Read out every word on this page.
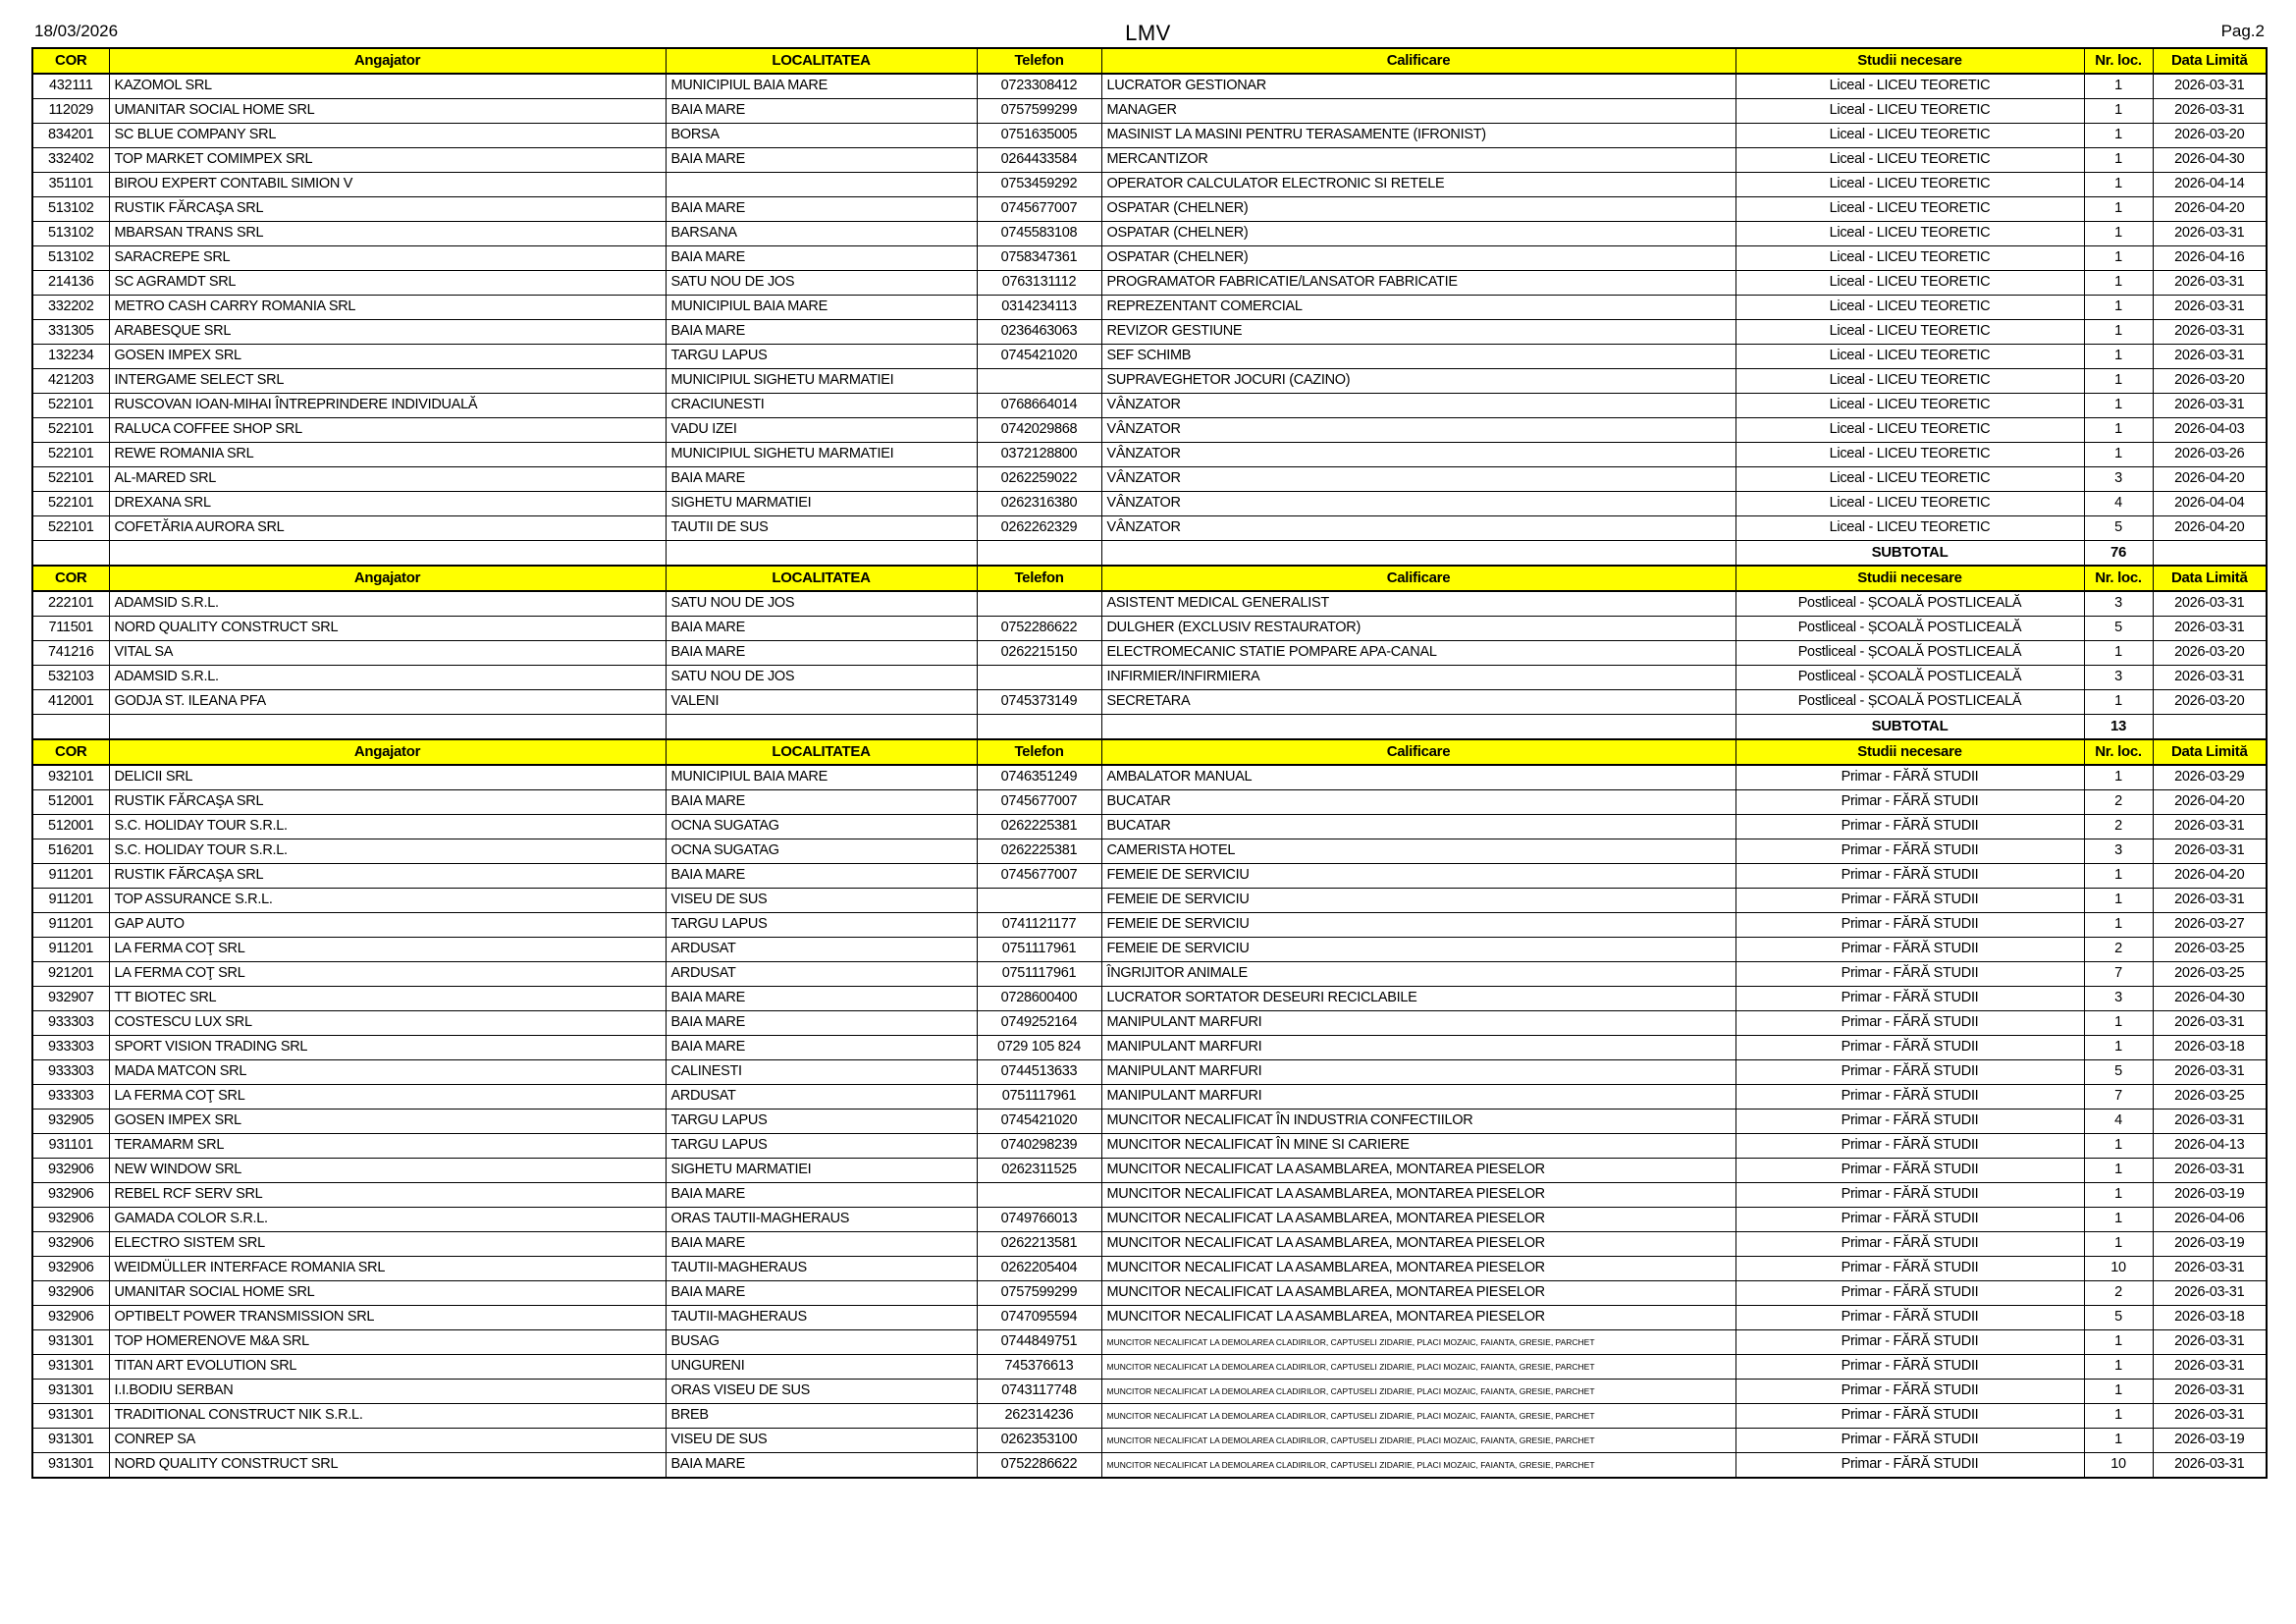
18/03/2026	LMV	Pag.2
COR	Angajator	LOCALITATEA	Telefon	Calificare	Studii necesare	Nr. loc.	Data Limită
432111	KAZOMOL SRL	MUNICIPIUL BAIA MARE	0723308412	LUCRATOR GESTIONAR	Liceal - LICEU TEORETIC	1	2026-03-31
112029	UMANITAR SOCIAL HOME SRL	BAIA MARE	0757599299	MANAGER	Liceal - LICEU TEORETIC	1	2026-03-31
834201	SC BLUE COMPANY SRL	BORSA	0751635005	MASINIST LA MASINI PENTRU TERASAMENTE (IFRONIST)	Liceal - LICEU TEORETIC	1	2026-03-20
332402	TOP MARKET COMIMPEX SRL	BAIA MARE	0264433584	MERCANTIZOR	Liceal - LICEU TEORETIC	1	2026-04-30
351101	BIROU EXPERT CONTABIL SIMION V		0753459292	OPERATOR CALCULATOR ELECTRONIC SI RETELE	Liceal - LICEU TEORETIC	1	2026-04-14
513102	RUSTIK FĂRCAŞA SRL	BAIA MARE	0745677007	OSPATAR (CHELNER)	Liceal - LICEU TEORETIC	1	2026-04-20
513102	MBARSAN TRANS SRL	BARSANA	0745583108	OSPATAR (CHELNER)	Liceal - LICEU TEORETIC	1	2026-03-31
513102	SARACREPE SRL	BAIA MARE	0758347361	OSPATAR (CHELNER)	Liceal - LICEU TEORETIC	1	2026-04-16
214136	SC AGRAMDT SRL	SATU NOU DE JOS	0763131112	PROGRAMATOR FABRICATIE/LANSATOR FABRICATIE	Liceal - LICEU TEORETIC	1	2026-03-31
332202	METRO CASH CARRY ROMANIA SRL	MUNICIPIUL BAIA MARE	0314234113	REPREZENTANT COMERCIAL	Liceal - LICEU TEORETIC	1	2026-03-31
331305	ARABESQUE SRL	BAIA MARE	0236463063	REVIZOR GESTIUNE	Liceal - LICEU TEORETIC	1	2026-03-31
132234	GOSEN IMPEX SRL	TARGU LAPUS	0745421020	SEF SCHIMB	Liceal - LICEU TEORETIC	1	2026-03-31
421203	INTERGAME SELECT SRL	MUNICIPIUL SIGHETU MARMATIEI		SUPRAVEGHETOR JOCURI (CAZINO)	Liceal - LICEU TEORETIC	1	2026-03-20
522101	RUSCOVAN IOAN-MIHAI ÎNTREPRINDERE INDIVIDUALĂ	CRACIUNESTI	0768664014	VÂNZATOR	Liceal - LICEU TEORETIC	1	2026-03-31
522101	RALUCA COFFEE SHOP SRL	VADU IZEI	0742029868	VÂNZATOR	Liceal - LICEU TEORETIC	1	2026-04-03
522101	REWE ROMANIA SRL	MUNICIPIUL SIGHETU MARMATIEI	0372128800	VÂNZATOR	Liceal - LICEU TEORETIC	1	2026-03-26
522101	AL-MARED SRL	BAIA MARE	0262259022	VÂNZATOR	Liceal - LICEU TEORETIC	3	2026-04-20
522101	DREXANA SRL	SIGHETU MARMATIEI	0262316380	VÂNZATOR	Liceal - LICEU TEORETIC	4	2026-04-04
522101	COFETĂRIA AURORA SRL	TAUTII DE SUS	0262262329	VÂNZATOR	Liceal - LICEU TEORETIC	5	2026-04-20
					SUBTOTAL	76	
COR	Angajator	LOCALITATEA	Telefon	Calificare	Studii necesare	Nr. loc.	Data Limită
222101	ADAMSID S.R.L.	SATU NOU DE JOS		ASISTENT MEDICAL GENERALIST	Postliceal - ȘCOALĂ POSTLICEALĂ	3	2026-03-31
711501	NORD QUALITY CONSTRUCT SRL	BAIA MARE	0752286622	DULGHER (EXCLUSIV RESTAURATOR)	Postliceal - ȘCOALĂ POSTLICEALĂ	5	2026-03-31
741216	VITAL SA	BAIA MARE	0262215150	ELECTROMECANIC STATIE POMPARE APA-CANAL	Postliceal - ȘCOALĂ POSTLICEALĂ	1	2026-03-20
532103	ADAMSID S.R.L.	SATU NOU DE JOS		INFIRMIER/INFIRMIERA	Postliceal - ȘCOALĂ POSTLICEALĂ	3	2026-03-31
412001	GODJA ST. ILEANA PFA	VALENI	0745373149	SECRETARA	Postliceal - ȘCOALĂ POSTLICEALĂ	1	2026-03-20
					SUBTOTAL	13	
COR	Angajator	LOCALITATEA	Telefon	Calificare	Studii necesare	Nr. loc.	Data Limită
932101	DELICII SRL	MUNICIPIUL BAIA MARE	0746351249	AMBALATOR MANUAL	Primar - FĂRĂ STUDII	1	2026-03-29
512001	RUSTIK FĂRCAŞA SRL	BAIA MARE	0745677007	BUCATAR	Primar - FĂRĂ STUDII	2	2026-04-20
512001	S.C. HOLIDAY TOUR S.R.L.	OCNA SUGATAG	0262225381	BUCATAR	Primar - FĂRĂ STUDII	2	2026-03-31
516201	S.C. HOLIDAY TOUR S.R.L.	OCNA SUGATAG	0262225381	CAMERISTA HOTEL	Primar - FĂRĂ STUDII	3	2026-03-31
911201	RUSTIK FĂRCAŞA SRL	BAIA MARE	0745677007	FEMEIE DE SERVICIU	Primar - FĂRĂ STUDII	1	2026-04-20
911201	TOP ASSURANCE S.R.L.	VISEU DE SUS		FEMEIE DE SERVICIU	Primar - FĂRĂ STUDII	1	2026-03-31
911201	GAP AUTO	TARGU LAPUS	0741121177	FEMEIE DE SERVICIU	Primar - FĂRĂ STUDII	1	2026-03-27
911201	LA FERMA COŢ SRL	ARDUSAT	0751117961	FEMEIE DE SERVICIU	Primar - FĂRĂ STUDII	2	2026-03-25
921201	LA FERMA COŢ SRL	ARDUSAT	0751117961	ÎNGRIJITOR ANIMALE	Primar - FĂRĂ STUDII	7	2026-03-25
932907	TT BIOTEC SRL	BAIA MARE	0728600400	LUCRATOR SORTATOR DESEURI RECICLABILE	Primar - FĂRĂ STUDII	3	2026-04-30
933303	COSTESCU LUX SRL	BAIA MARE	0749252164	MANIPULANT MARFURI	Primar - FĂRĂ STUDII	1	2026-03-31
933303	SPORT VISION TRADING SRL	BAIA MARE	0729 105 824	MANIPULANT MARFURI	Primar - FĂRĂ STUDII	1	2026-03-18
933303	MADA MATCON SRL	CALINESTI	0744513633	MANIPULANT MARFURI	Primar - FĂRĂ STUDII	5	2026-03-31
933303	LA FERMA COŢ SRL	ARDUSAT	0751117961	MANIPULANT MARFURI	Primar - FĂRĂ STUDII	7	2026-03-25
932905	GOSEN IMPEX SRL	TARGU LAPUS	0745421020	MUNCITOR NECALIFICAT ÎN INDUSTRIA CONFECTIILOR	Primar - FĂRĂ STUDII	4	2026-03-31
931101	TERAMARM SRL	TARGU LAPUS	0740298239	MUNCITOR NECALIFICAT ÎN MINE SI CARIERE	Primar - FĂRĂ STUDII	1	2026-04-13
932906	NEW WINDOW SRL	SIGHETU MARMATIEI	0262311525	MUNCITOR NECALIFICAT LA ASAMBLAREA, MONTAREA PIESELOR	Primar - FĂRĂ STUDII	1	2026-03-31
932906	REBEL RCF SERV SRL	BAIA MARE		MUNCITOR NECALIFICAT LA ASAMBLAREA, MONTAREA PIESELOR	Primar - FĂRĂ STUDII	1	2026-03-19
932906	GAMADA COLOR S.R.L.	ORAS TAUTII-MAGHERAUS	0749766013	MUNCITOR NECALIFICAT LA ASAMBLAREA, MONTAREA PIESELOR	Primar - FĂRĂ STUDII	1	2026-04-06
932906	ELECTRO SISTEM SRL	BAIA MARE	0262213581	MUNCITOR NECALIFICAT LA ASAMBLAREA, MONTAREA PIESELOR	Primar - FĂRĂ STUDII	1	2026-03-19
932906	WEIDMÜLLER INTERFACE ROMANIA SRL	TAUTII-MAGHERAUS	0262205404	MUNCITOR NECALIFICAT LA ASAMBLAREA, MONTAREA PIESELOR	Primar - FĂRĂ STUDII	10	2026-03-31
932906	UMANITAR SOCIAL HOME SRL	BAIA MARE	0757599299	MUNCITOR NECALIFICAT LA ASAMBLAREA, MONTAREA PIESELOR	Primar - FĂRĂ STUDII	2	2026-03-31
932906	OPTIBELT POWER TRANSMISSION SRL	TAUTII-MAGHERAUS	0747095594	MUNCITOR NECALIFICAT LA ASAMBLAREA, MONTAREA PIESELOR	Primar - FĂRĂ STUDII	5	2026-03-18
931301	TOP HOMERENOVE M&A SRL	BUSAG	0744849751	MUNCITOR NECALIFICAT LA DEMOLAREA CLADIRILOR, CAPTUSELI ZIDARIE, PLACI MOZAIC, FAIANTA, GRESIE, PARCHET	Primar - FĂRĂ STUDII	1	2026-03-31
931301	TITAN ART EVOLUTION SRL	UNGURENI	745376613	MUNCITOR NECALIFICAT LA DEMOLAREA CLADIRILOR, CAPTUSELI ZIDARIE, PLACI MOZAIC, FAIANTA, GRESIE, PARCHET	Primar - FĂRĂ STUDII	1	2026-03-31
931301	I.I.BODIU SERBAN	ORAS VISEU DE SUS	0743117748	MUNCITOR NECALIFICAT LA DEMOLAREA CLADIRILOR, CAPTUSELI ZIDARIE, PLACI MOZAIC, FAIANTA, GRESIE, PARCHET	Primar - FĂRĂ STUDII	1	2026-03-31
931301	TRADITIONAL CONSTRUCT NIK S.R.L.	BREB	262314236	MUNCITOR NECALIFICAT LA DEMOLAREA CLADIRILOR, CAPTUSELI ZIDARIE, PLACI MOZAIC, FAIANTA, GRESIE, PARCHET	Primar - FĂRĂ STUDII	1	2026-03-31
931301	CONREP SA	VISEU DE SUS	0262353100	MUNCITOR NECALIFICAT LA DEMOLAREA CLADIRILOR, CAPTUSELI ZIDARIE, PLACI MOZAIC, FAIANTA, GRESIE, PARCHET	Primar - FĂRĂ STUDII	1	2026-03-19
931301	NORD QUALITY CONSTRUCT SRL	BAIA MARE	0752286622	MUNCITOR NECALIFICAT LA DEMOLAREA CLADIRILOR, CAPTUSELI ZIDARIE, PLACI MOZAIC, FAIANTA, GRESIE, PARCHET	Primar - FĂRĂ STUDII	10	2026-03-31
